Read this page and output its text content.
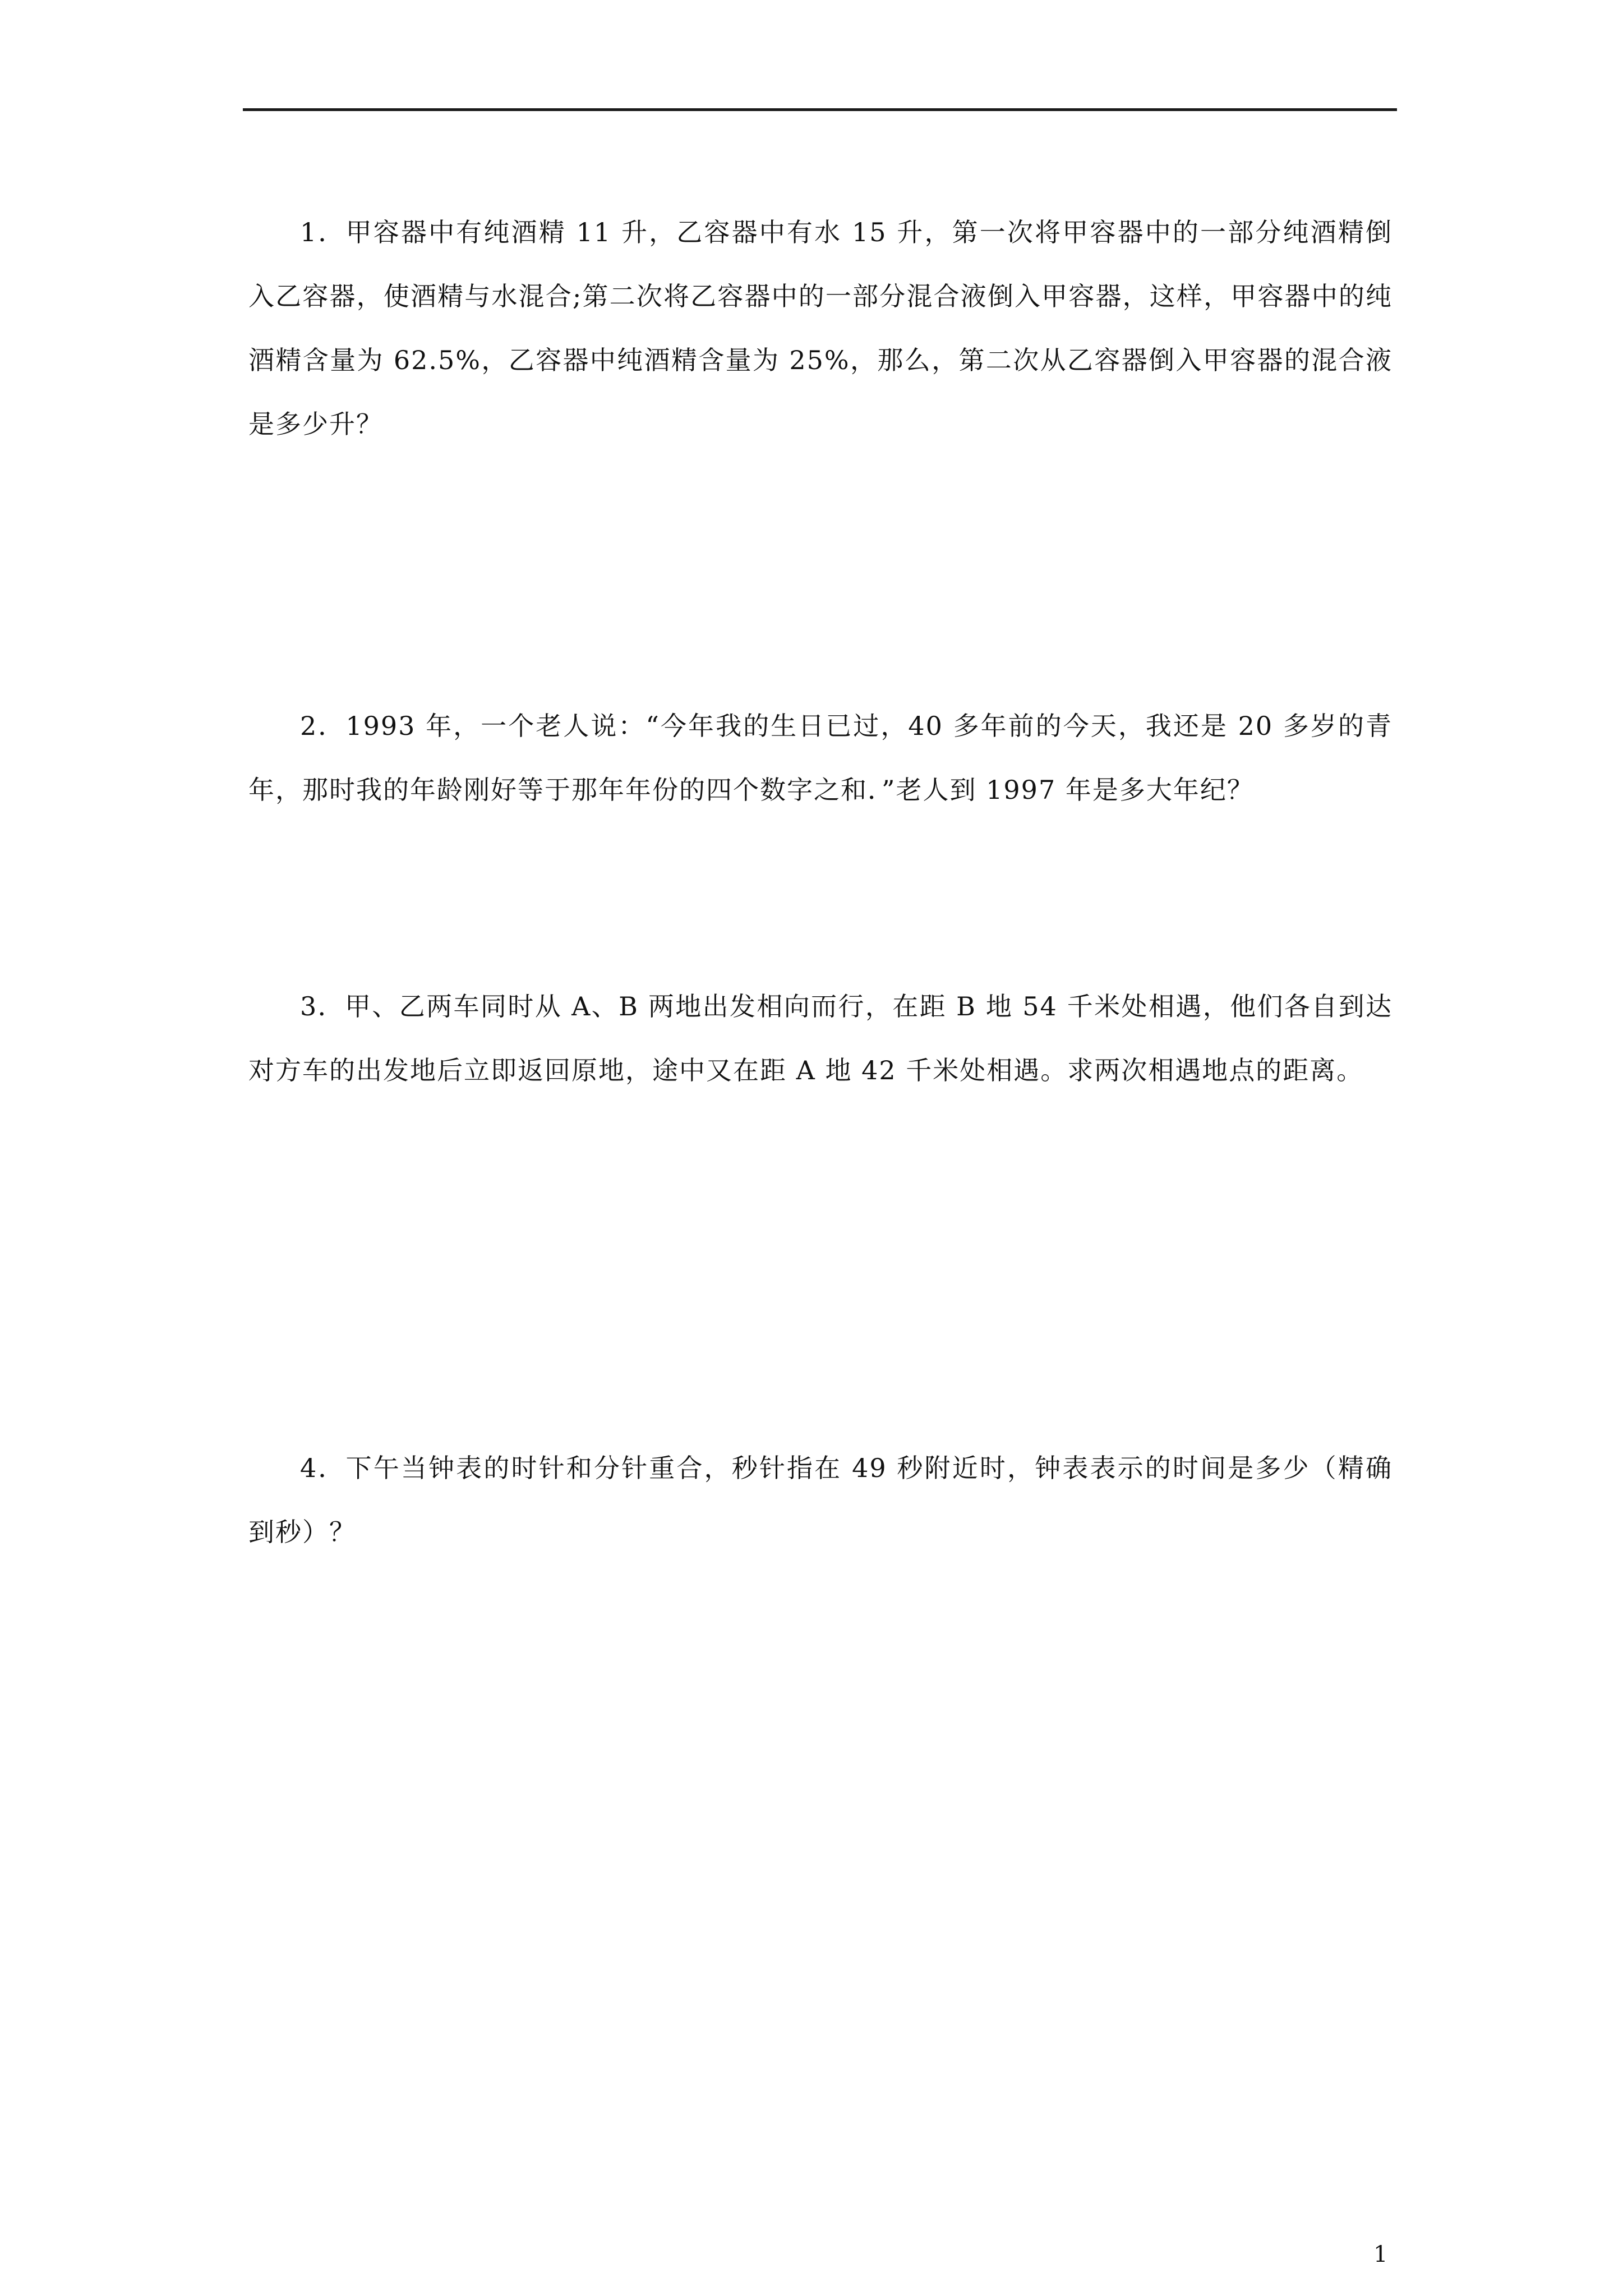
1．甲容器中有纯酒精 11 升，乙容器中有水 15 升，第一次将甲容器中的一部分纯酒精倒入乙容器，使酒精与水混合;第二次将乙容器中的一部分混合液倒入甲容器，这样，甲容器中的纯酒精含量为 62.5%，乙容器中纯酒精含量为 25%，那么，第二次从乙容器倒入甲容器的混合液是多少升？
2．1993 年，一个老人说：“今年我的生日已过，40 多年前的今天，我还是 20 多岁的青年，那时我的年龄刚好等于那年年份的四个数字之和．”老人到 1997 年是多大年纪？
3．甲、乙两车同时从 A、B 两地出发相向而行，在距 B 地 54 千米处相遇，他们各自到达对方车的出发地后立即返回原地，途中又在距 A 地 42 千米处相遇。求两次相遇地点的距离。
4．下午当钟表的时针和分针重合，秒针指在 49 秒附近时，钟表表示的时间是多少（精确到秒）？
1
